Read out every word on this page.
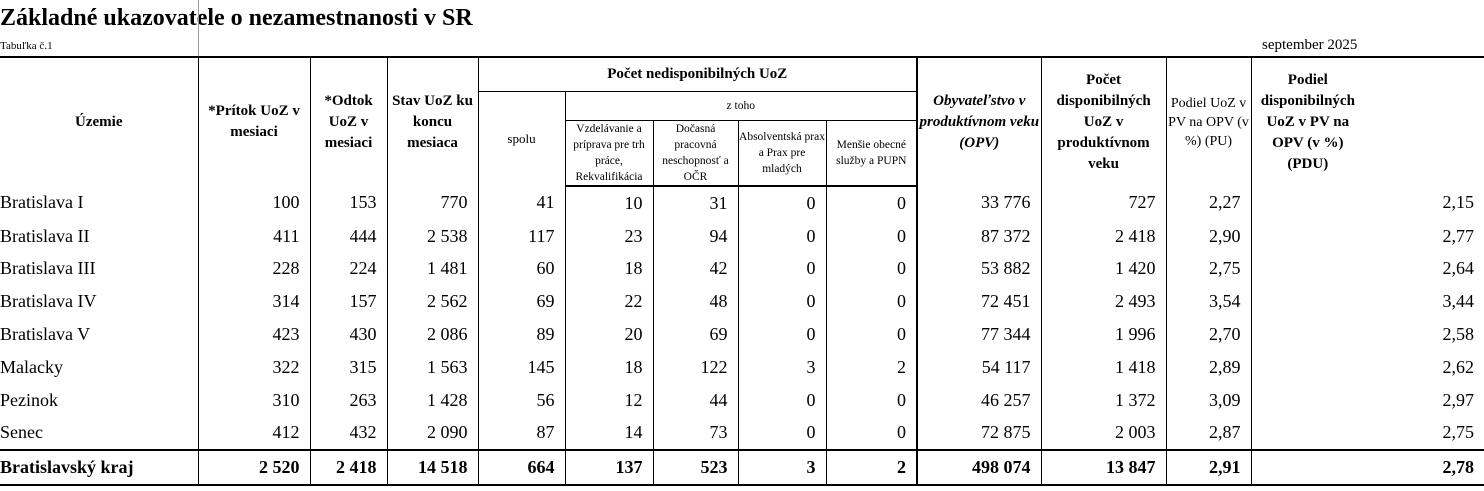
Základné ukazovatele o nezamestnanosti v SR
Tabuľka č.1	september 2025
Územie	*Prítok UoZ v mesiaci	*Odtok UoZ v mesiaci	Stav UoZ ku koncu mesiaca	Počet nedisponibilných UoZ					Obyvateľstvo v produktívnom veku (OPV)	Počet disponibilných UoZ v produktívnom veku	Podiel UoZ v PV na OPV (v %) (PU)	Podiel disponibilných UoZ v PV na OPV (v %) (PDU)
				spolu	z toho							
					Vzdelávanie a príprava pre trh práce, Rekvalifikácia	Dočasná pracovná neschopnosť a OČR	Absolventská prax a Prax pre mladých	Menšie obecné služby a PUPN				
Bratislava I	100	153	770	41	10	31	0	0	33 776	727	2,27	2,15
Bratislava II	411	444	2 538	117	23	94	0	0	87 372	2 418	2,90	2,77
Bratislava III	228	224	1 481	60	18	42	0	0	53 882	1 420	2,75	2,64
Bratislava IV	314	157	2 562	69	22	48	0	0	72 451	2 493	3,54	3,44
Bratislava V	423	430	2 086	89	20	69	0	0	77 344	1 996	2,70	2,58
Malacky	322	315	1 563	145	18	122	3	2	54 117	1 418	2,89	2,62
Pezinok	310	263	1 428	56	12	44	0	0	46 257	1 372	3,09	2,97
Senec	412	432	2 090	87	14	73	0	0	72 875	2 003	2,87	2,75
Bratislavský kraj	2 520	2 418	14 518	664	137	523	3	2	498 074	13 847	2,91	2,78
